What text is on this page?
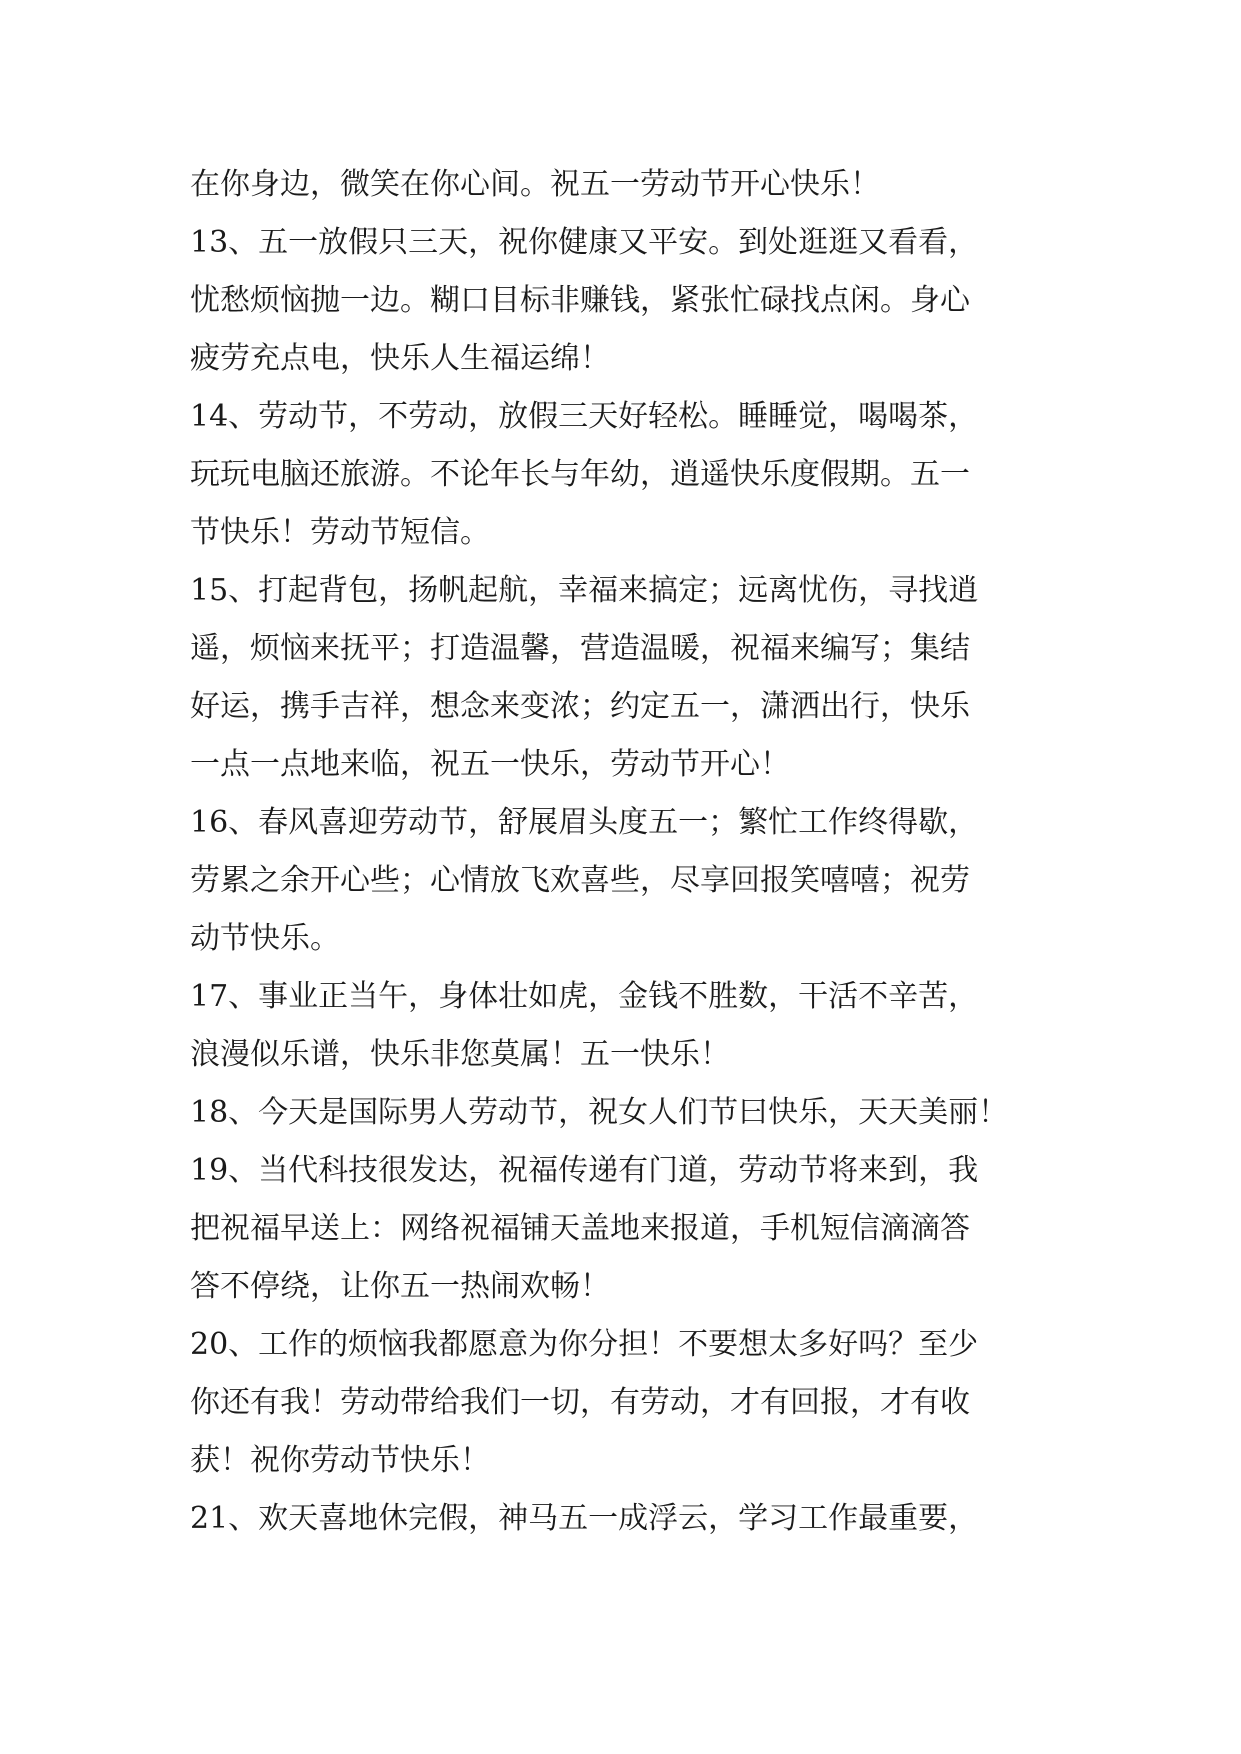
在你身边，微笑在你心间。祝五一劳动节开心快乐！
13、五一放假只三天，祝你健康又平安。到处逛逛又看看，
忧愁烦恼抛一边。糊口目标非赚钱，紧张忙碌找点闲。身心
疲劳充点电，快乐人生福运绵！
14、劳动节，不劳动，放假三天好轻松。睡睡觉，喝喝茶，
玩玩电脑还旅游。不论年长与年幼，逍遥快乐度假期。五一
节快乐！劳动节短信。
15、打起背包，扬帆起航，幸福来搞定；远离忧伤，寻找逍
遥，烦恼来抚平；打造温馨，营造温暖，祝福来编写；集结
好运，携手吉祥，想念来变浓；约定五一，潇洒出行，快乐
一点一点地来临，祝五一快乐，劳动节开心！
16、春风喜迎劳动节，舒展眉头度五一；繁忙工作终得歇，
劳累之余开心些；心情放飞欢喜些，尽享回报笑嘻嘻；祝劳
动节快乐。
17、事业正当午，身体壮如虎，金钱不胜数，干活不辛苦，
浪漫似乐谱，快乐非您莫属！五一快乐！
18、今天是国际男人劳动节，祝女人们节曰快乐，天天美丽！
19、当代科技很发达，祝福传递有门道，劳动节将来到，我
把祝福早送上：网络祝福铺天盖地来报道，手机短信滴滴答
答不停绕，让你五一热闹欢畅！
20、工作的烦恼我都愿意为你分担！不要想太多好吗？至少
你还有我！劳动带给我们一切，有劳动，才有回报，才有收
获！祝你劳动节快乐！
21、欢天喜地休完假，神马五一成浮云，学习工作最重要，
